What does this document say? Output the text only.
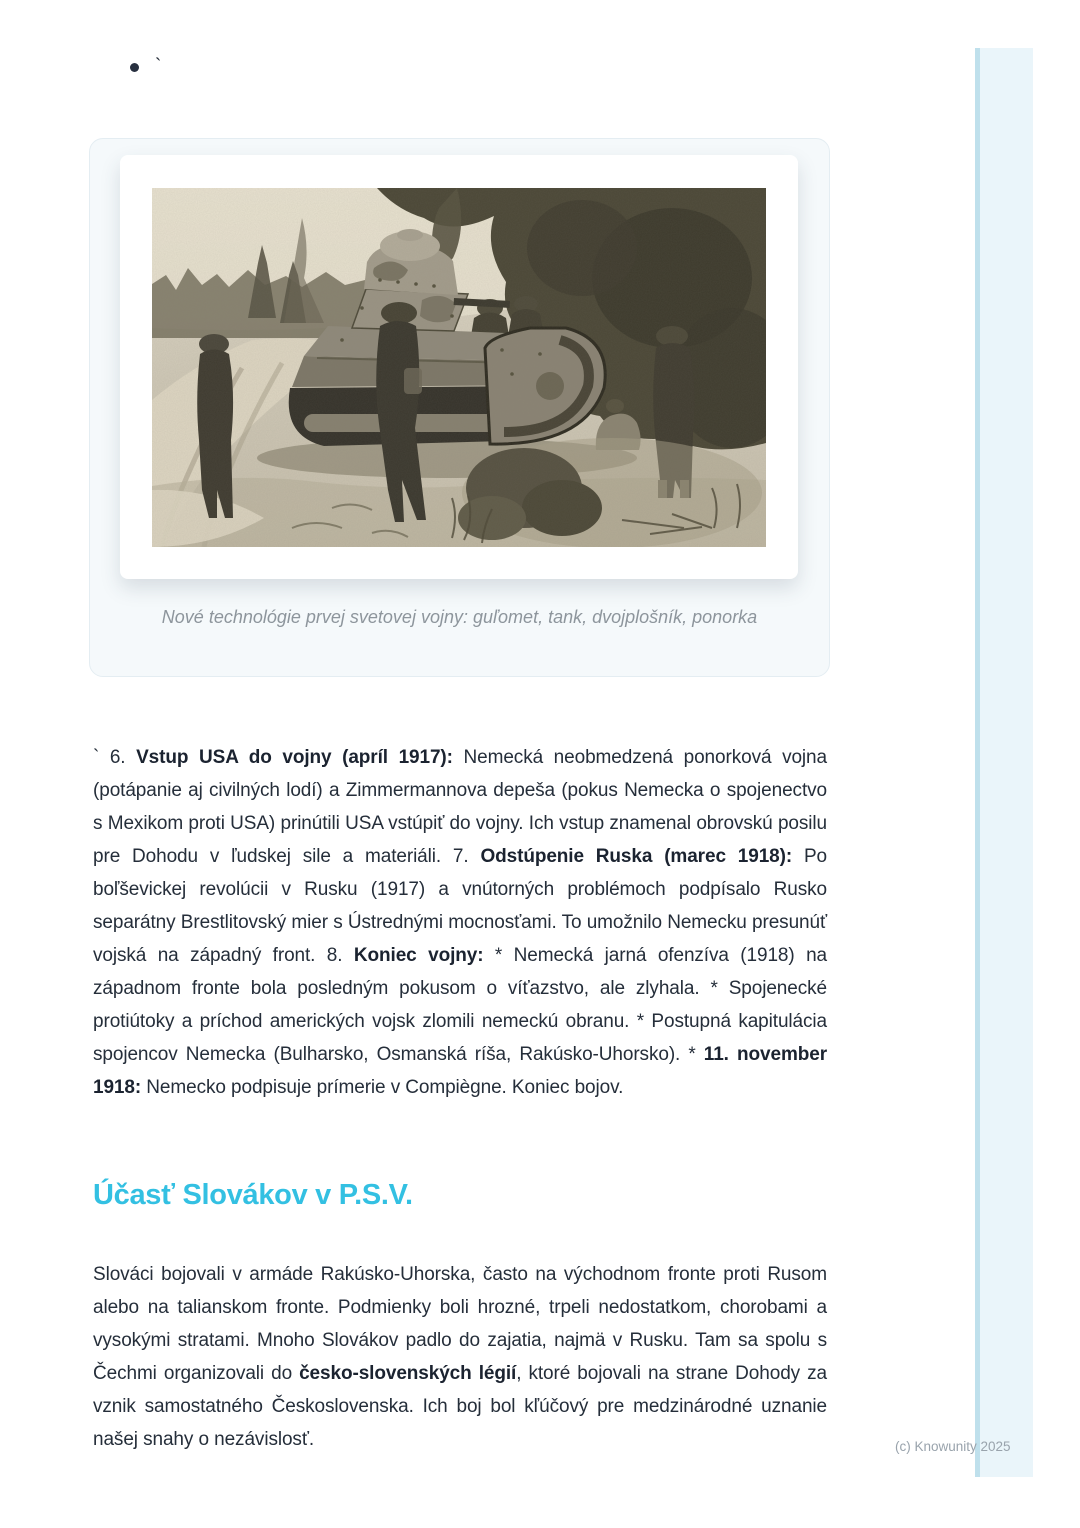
`
Nové technológie prvej svetovej vojny: guľomet, tank, dvojplošník, ponorka

` 6. Vstup USA do vojny (apríl 1917): Nemecká neobmedzená ponorková vojna (potápanie aj civilných lodí) a Zimmermannova depeša (pokus Nemecka o spojenectvo s Mexikom proti USA) prinútili USA vstúpiť do vojny. Ich vstup znamenal obrovskú posilu pre Dohodu v ľudskej sile a materiáli. 7. Odstúpenie Ruska (marec 1918): Po boľševickej revolúcii v Rusku (1917) a vnútorných problémoch podpísalo Rusko separátny Brestlitovský mier s Ústrednými mocnosťami. To umožnilo Nemecku presunúť vojská na západný front. 8. Koniec vojny: * Nemecká jarná ofenzíva (1918) na západnom fronte bola posledným pokusom o víťazstvo, ale zlyhala. * Spojenecké protiútoky a príchod amerických vojsk zlomili nemeckú obranu. * Postupná kapitulácia spojencov Nemecka (Bulharsko, Osmanská ríša, Rakúsko-Uhorsko). * 11. november 1918: Nemecko podpisuje prímerie v Compiègne. Koniec bojov.

Účasť Slovákov v P.S.V.

Slováci bojovali v armáde Rakúsko-Uhorska, často na východnom fronte proti Rusom alebo na talianskom fronte. Podmienky boli hrozné, trpeli nedostatkom, chorobami a vysokými stratami. Mnoho Slovákov padlo do zajatia, najmä v Rusku. Tam sa spolu s Čechmi organizovali do česko-slovenských légií, ktoré bojovali na strane Dohody za vznik samostatného Československa. Ich boj bol kľúčový pre medzinárodné uznanie našej snahy o nezávislosť.	(c) Knowunity 2025
